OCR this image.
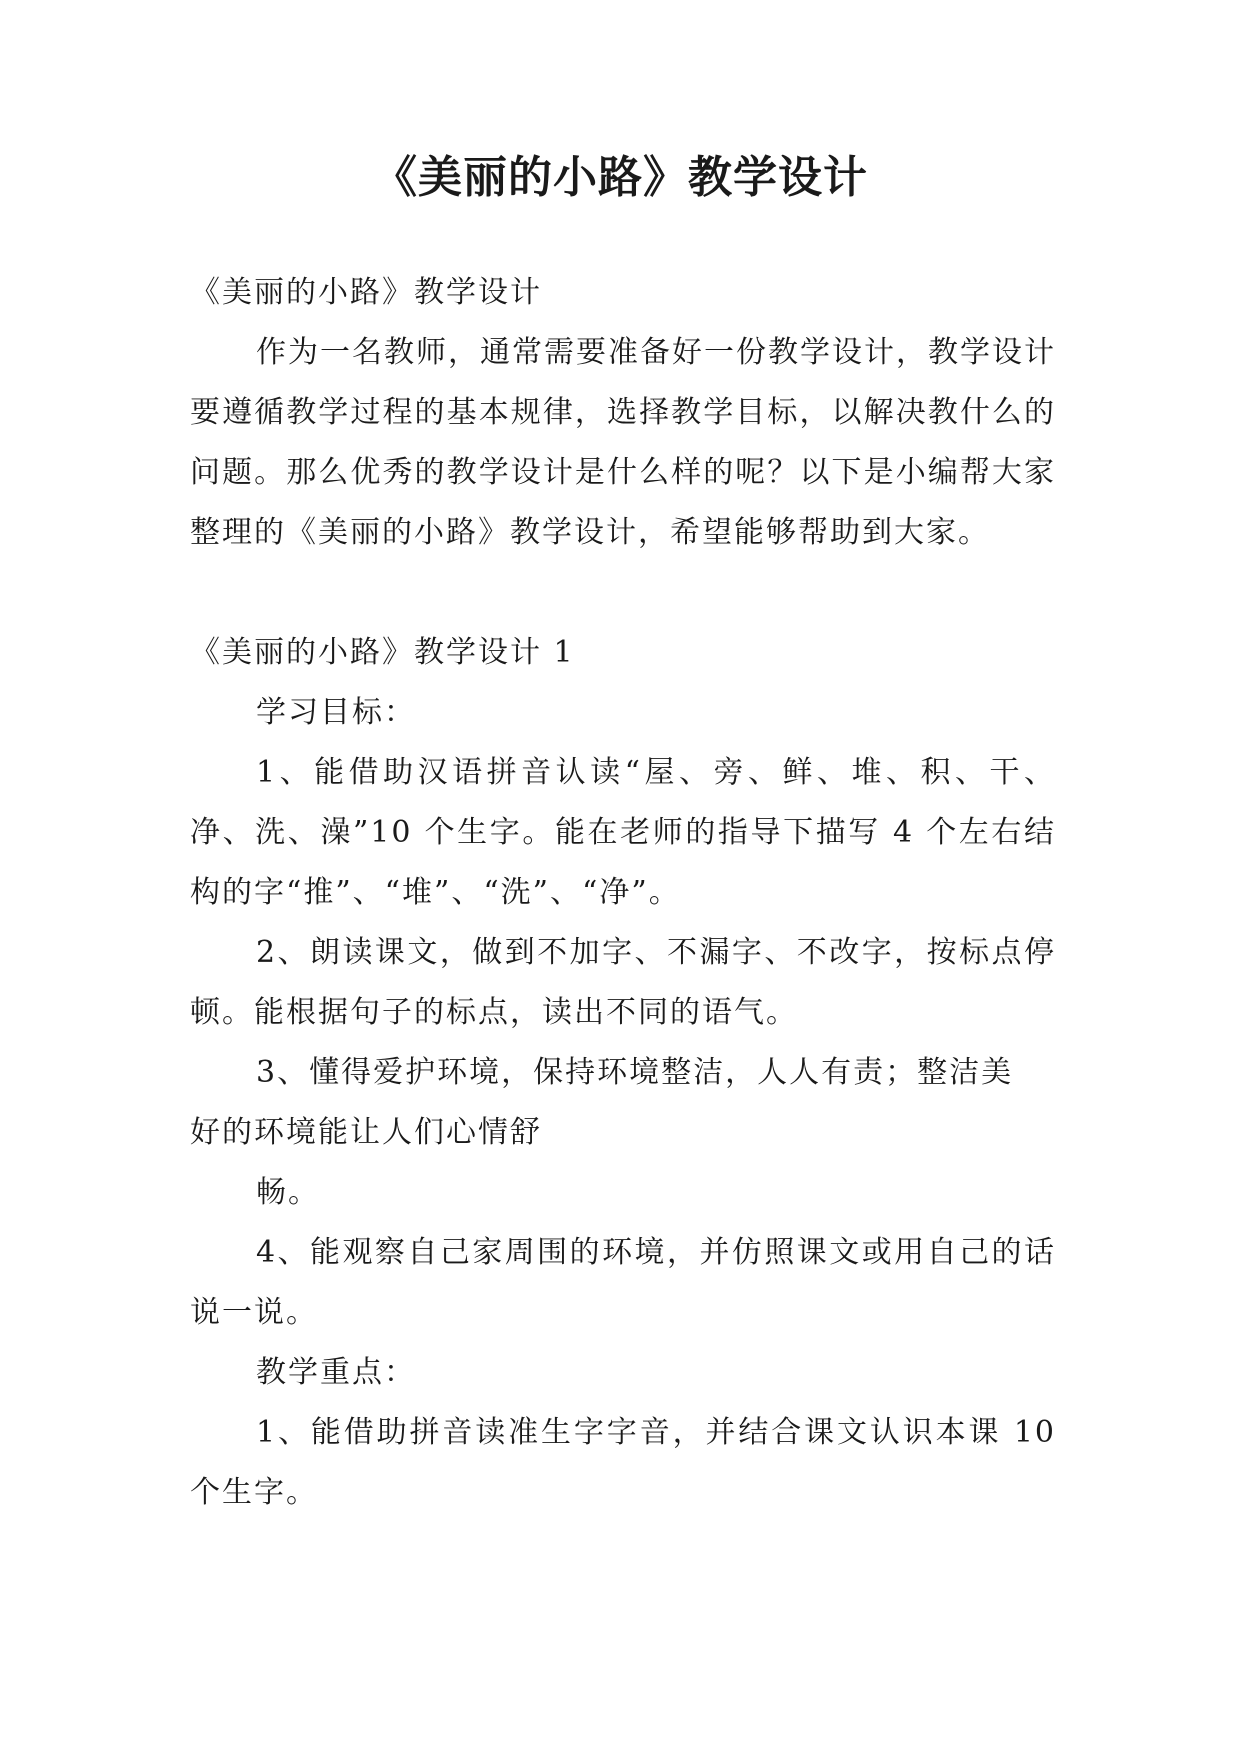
《美丽的小路》教学设计

《美丽的小路》教学设计

作为一名教师，通常需要准备好一份教学设计，教学设计要遵循教学过程的基本规律，选择教学目标，以解决教什么的问题。那么优秀的教学设计是什么样的呢？以下是小编帮大家整理的《美丽的小路》教学设计，希望能够帮助到大家。

《美丽的小路》教学设计 1

学习目标：

1、能借助汉语拼音认读“屋、旁、鲜、堆、积、干、净、洗、澡”10 个生字。能在老师的指导下描写 4 个左右结构的字“推”、“堆”、“洗”、“净”。

2、朗读课文，做到不加字、不漏字、不改字，按标点停顿。能根据句子的标点，读出不同的语气。

3、懂得爱护环境，保持环境整洁，人人有责；整洁美

好的环境能让人们心情舒

畅。

4、能观察自己家周围的环境，并仿照课文或用自己的话说一说。

教学重点：

1、能借助拼音读准生字字音，并结合课文认识本课 10 个生字。
